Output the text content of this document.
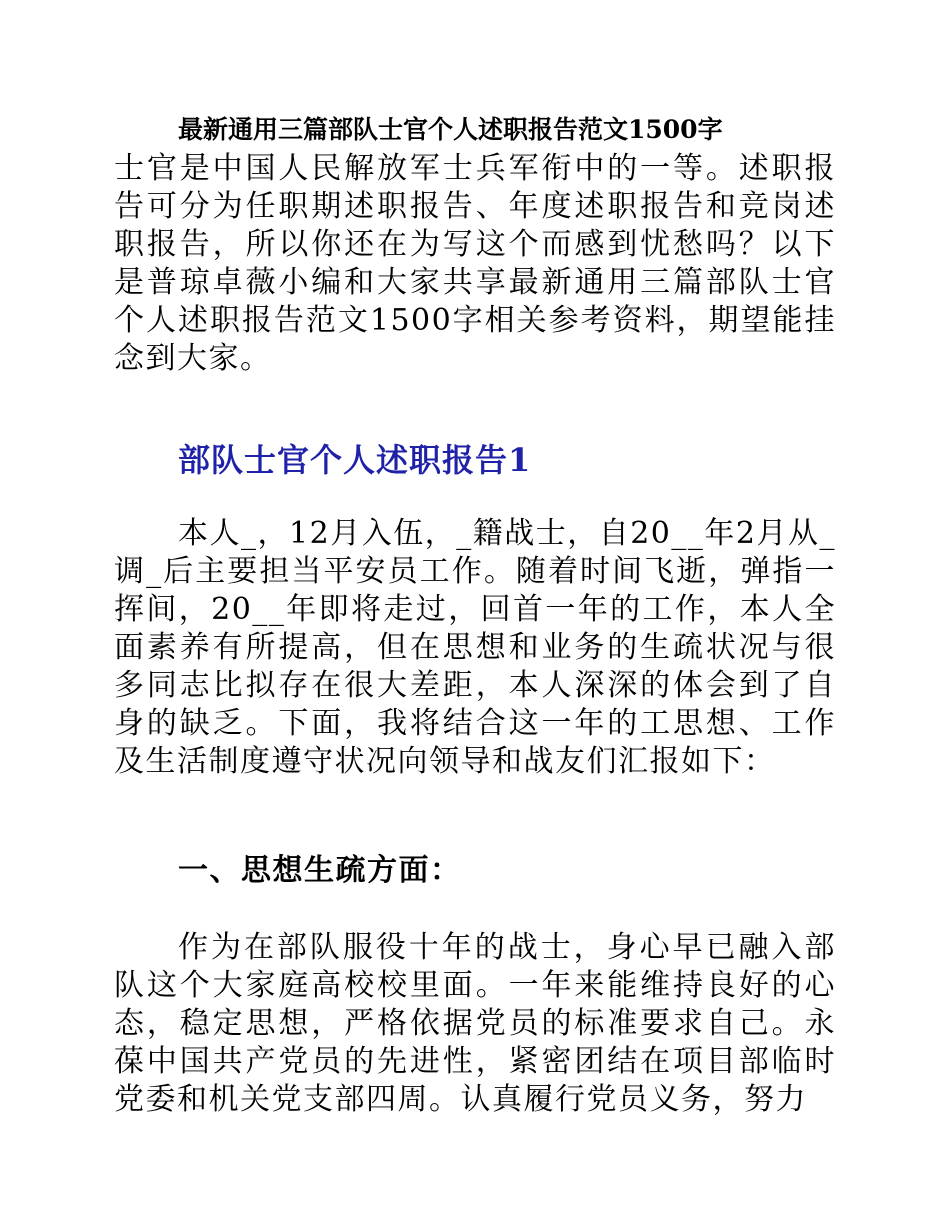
最新通用三篇部队士官个人述职报告范文1500字

士官是中国人民解放军士兵军衔中的一等。述职报告可分为任职期述职报告、年度述职报告和竞岗述职报告，所以你还在为写这个而感到忧愁吗？以下是普琼卓薇小编和大家共享最新通用三篇部队士官个人述职报告范文1500字相关参考资料，期望能挂念到大家。

部队士官个人述职报告1

本人_，12月入伍，_籍战士，自20__年2月从_调_后主要担当平安员工作。随着时间飞逝，弹指一挥间，20__年即将走过，回首一年的工作，本人全面素养有所提高，但在思想和业务的生疏状况与很多同志比拟存在很大差距，本人深深的体会到了自身的缺乏。下面，我将结合这一年的工思想、工作及生活制度遵守状况向领导和战友们汇报如下：

一、思想生疏方面：

作为在部队服役十年的战士，身心早已融入部队这个大家庭高校校里面。一年来能维持良好的心态，稳定思想，严格依据党员的标准要求自己。永葆中国共产党员的先进性，紧密团结在项目部临时党委和机关党支部四周。认真履行党员义务，努力
